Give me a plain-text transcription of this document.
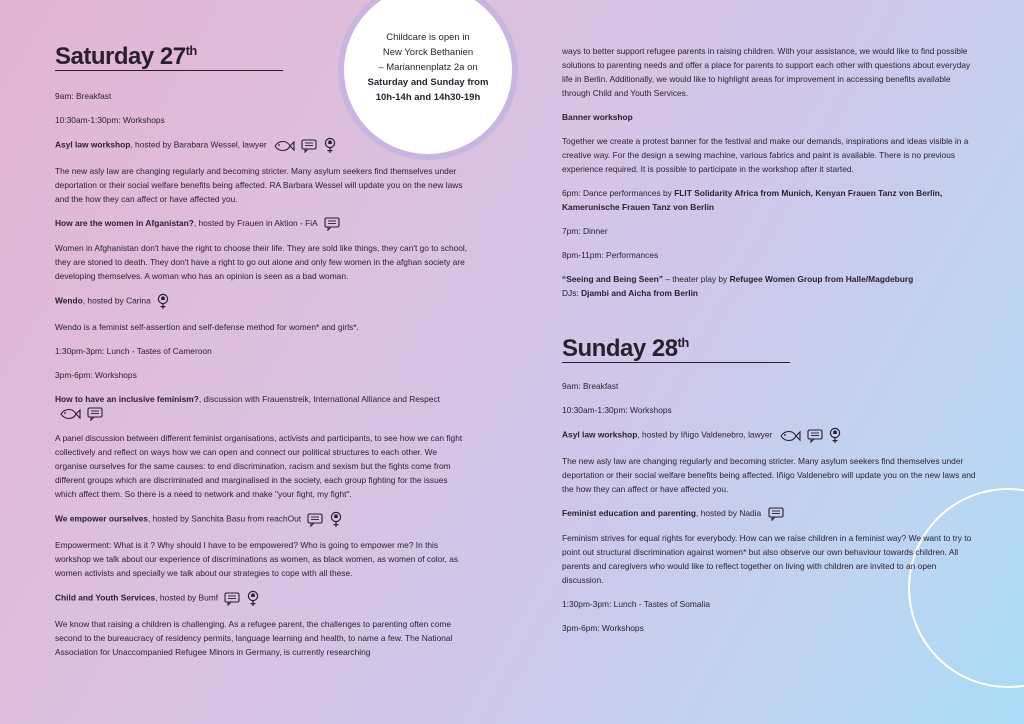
Childcare is open in
New Yorck Bethanien
– Mariannenplatz 2a on
Saturday and Sunday from
10h-14h and 14h30-19h
Saturday 27th
9am: Breakfast
10:30am-1:30pm: Workshops
Asyl law workshop, hosted by Barabara Wessel, lawyer

The new asly law are changing regularly and becoming stricter. Many asylum seekers find themselves under deportation or their social welfare benefits being affected. RA Barbara Wessel will update you on the new laws and the how they can affect or have affected you.

How are the women in Afganistan?, hosted by Frauen in Aktion - FiA

Women in Afghanistan don't have the right to choose their life. They are sold like things, they can't go to school, they are stoned to death. They don't have a right to go out alone and only few women in the afghan society are developing themselves. A woman who has an opinion is seen as a bad woman.

Wendo, hosted by Carina

Wendo is a feminist self-assertion and self-defense method for women* and girls*.

1:30pm-3pm: Lunch - Tastes of Cameroon
3pm-6pm: Workshops
How to have an inclusive feminism?, discussion with Frauenstreik, International Alliance and Respect

A panel discussion between different feminist organisations, activists and participants, to see how we can fight collectively and reflect on ways how we can open and connect our political structures to each other. We organise ourselves for the same causes: to end discrimination, racism and sexism but the fights come from different groups which are discriminated and marginalised in the society, each group fighting for the issues which affect them. So there is a need to network and make "your fight, my fight".

We empower ourselves, hosted by Sanchita Basu from reachOut

Empowerment: What is it ? Why should I have to be empowered? Who is going to empower me? In this workshop we talk about our experience of discriminations as women, as black women, as women of color, as women activists and specially we talk about our strategies to cope with all these.

Child and Youth Services, hosted by Bumf

We know that raising a children is challenging. As a refugee parent, the challenges to parenting often come second to the bureaucracy of residency permits, language learning and health, to name a few. The National Association for Unaccompanied Refugee Minors in Germany, is currently researching

ways to better support refugee parents in raising children. With your assistance, we would like to find possible solutions to parenting needs and offer a place for parents to support each other with questions about everyday life in Berlin. Additionally, we would like to highlight areas for improvement in accessing benefits available through Child and Youth Services.

Banner workshop

Together we create a protest banner for the festival and make our demands, inspirations and ideas visible in a creative way. For the design a sewing machine, various fabrics and paint is available. There is no previous experience required. It is possible to participate in the workshop after it started.

6pm: Dance performances by FLIT Solidarity Africa from Munich, Kenyan Frauen Tanz von Berlin, Kamerunische Frauen Tanz von Berlin

7pm: Dinner
8pm-11pm: Performances
“Seeing and Being Seen” – theater play by Refugee Women Group from Halle/Magdeburg
DJs: Djambi and Aicha from Berlin
Sunday 28th
9am: Breakfast
10:30am-1:30pm: Workshops
Asyl law workshop, hosted by Iñigo Valdenebro, lawyer

The new asly law are changing regularly and becoming stricter. Many asylum seekers find themselves under deportation or their social welfare benefits being affected. Iñigo Valdenebro will update you on the new laws and the how they can affect or have affected you.

Feminist education and parenting, hosted by Nadia

Feminism strives for equal rights for everybody. How can we raise children in a feminist way? We want to try to point out structural discrimination against women* but also observe our own behaviour towards children. All parents and caregivers who would like to reflect together on living with children are invited to an open discussion.

1:30pm-3pm: Lunch - Tastes of Somalia
3pm-6pm: Workshops
